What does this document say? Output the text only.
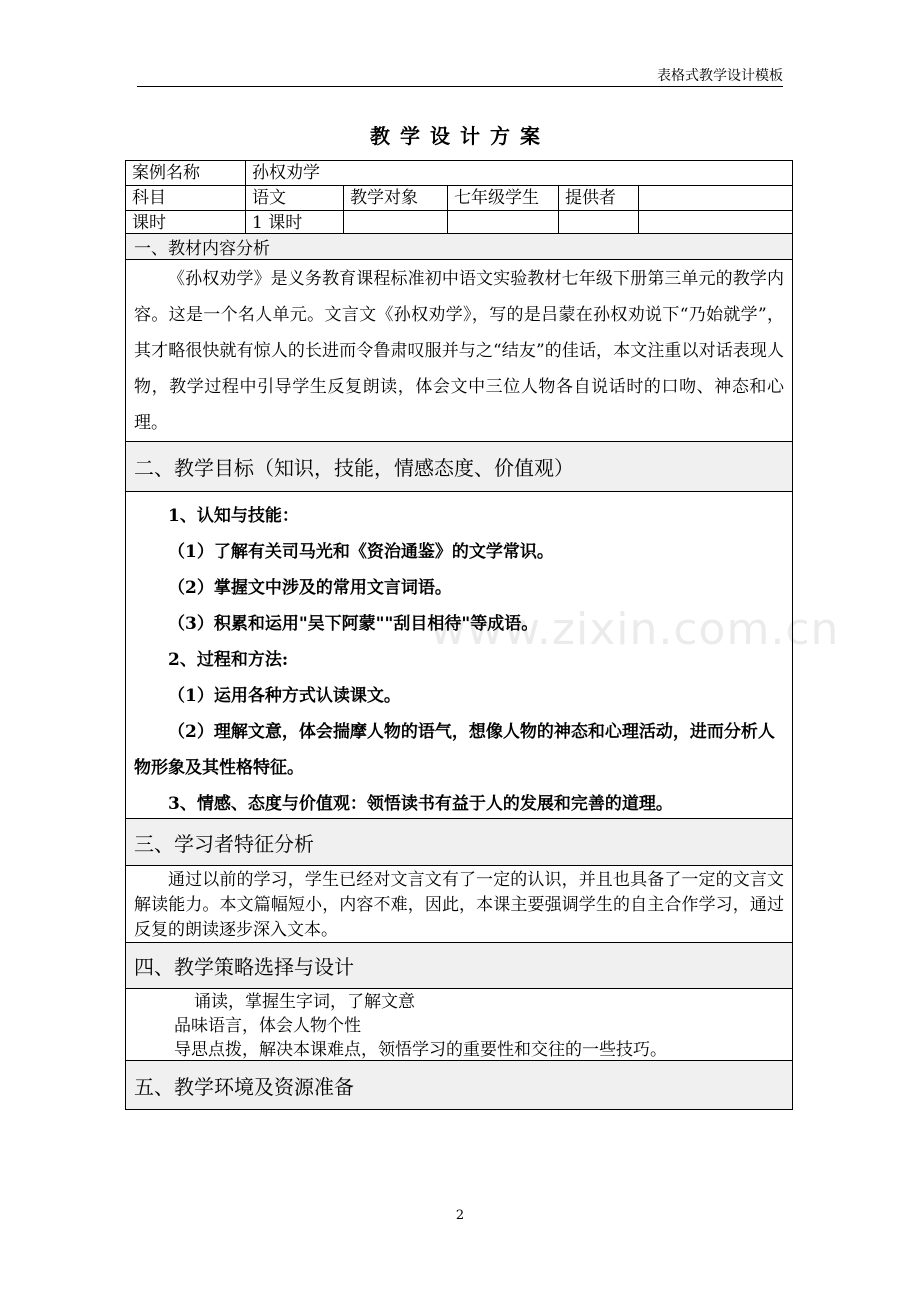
表格式教学设计模板
教学设计方案
案例名称	孙权劝学
科目	语文	教学对象	七年级学生	提供者
课时	1 课时
一、教材内容分析
《孙权劝学》是义务教育课程标准初中语文实验教材七年级下册第三单元的教学内容。这是一个名人单元。文言文《孙权劝学》，写的是吕蒙在孙权劝说下“乃始就学”，其才略很快就有惊人的长进而令鲁肃叹服并与之“结友”的佳话，本文注重以对话表现人物，教学过程中引导学生反复朗读，体会文中三位人物各自说话时的口吻、神态和心理。
二、教学目标（知识，技能，情感态度、价值观）

1、认知与技能：

（1）了解有关司马光和《资治通鉴》的文学常识。

（2）掌握文中涉及的常用文言词语。

（3）积累和运用"吴下阿蒙""刮目相待"等成语。

2、过程和方法:

（1）运用各种方式认读课文。

（2）理解文意，体会揣摩人物的语气，想像人物的神态和心理活动，进而分析人物形象及其性格特征。

3、情感、态度与价值观：领悟读书有益于人的发展和完善的道理。

三、学习者特征分析
通过以前的学习，学生已经对文言文有了一定的认识，并且也具备了一定的文言文解读能力。本文篇幅短小，内容不难，因此，本课主要强调学生的自主合作学习，通过反复的朗读逐步深入文本。
四、教学策略选择与设计

诵读，掌握生字词，了解文意

品味语言，体会人物个性

导思点拨，解决本课难点，领悟学习的重要性和交往的一些技巧。

五、教学环境及资源准备
www.zixin.com.cn
2
